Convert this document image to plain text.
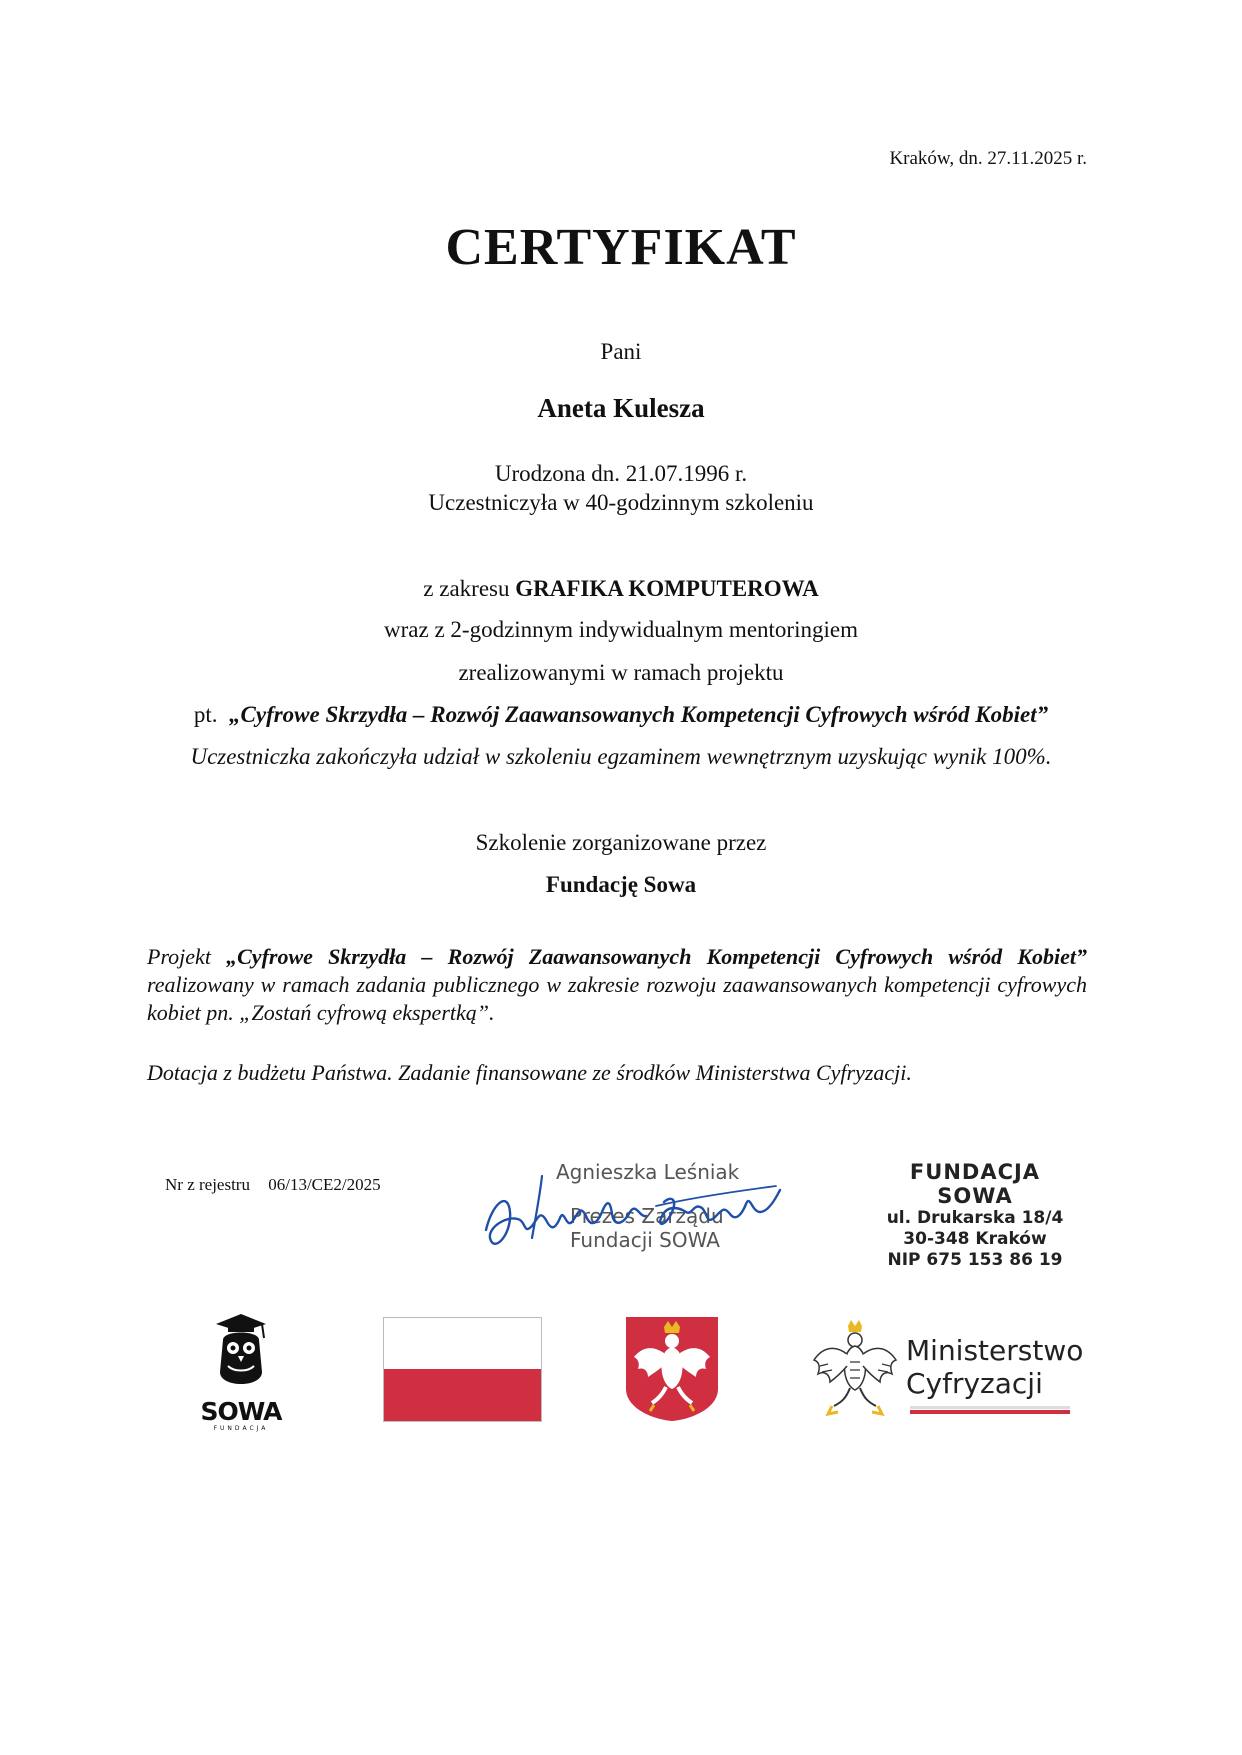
Kraków, dn. 27.11.2025 r.
CERTYFIKAT
Pani
Aneta Kulesza
Urodzona dn. 21.07.1996 r.
Uczestniczyła w 40-godzinnym szkoleniu
z zakresu GRAFIKA KOMPUTEROWA
wraz z 2-godzinnym indywidualnym mentoringiem
zrealizowanymi w ramach projektu
pt. „Cyfrowe Skrzydła – Rozwój Zaawansowanych Kompetencji Cyfrowych wśród Kobiet”
Uczestniczka zakończyła udział w szkoleniu egzaminem wewnętrznym uzyskując wynik 100%.
Szkolenie zorganizowane przez
Fundację Sowa
Projekt „Cyfrowe Skrzydła – Rozwój Zaawansowanych Kompetencji Cyfrowych wśród Kobiet” realizowany w ramach zadania publicznego w zakresie rozwoju zaawansowanych kompetencji cyfrowych kobiet pn. „Zostań cyfrową ekspertką”.
Dotacja z budżetu Państwa. Zadanie finansowane ze środków Ministerstwa Cyfryzacji.
Nr z rejestru 06/13/CE2/2025
Agnieszka Leśniak
Prezes Zarządu
Fundacji SOWA
FUNDACJA SOWA
ul. Drukarska 18/4
30-348 Kraków
NIP 675 153 86 19
SOWA
FUNDACJA
Ministerstwo
Cyfryzacji
